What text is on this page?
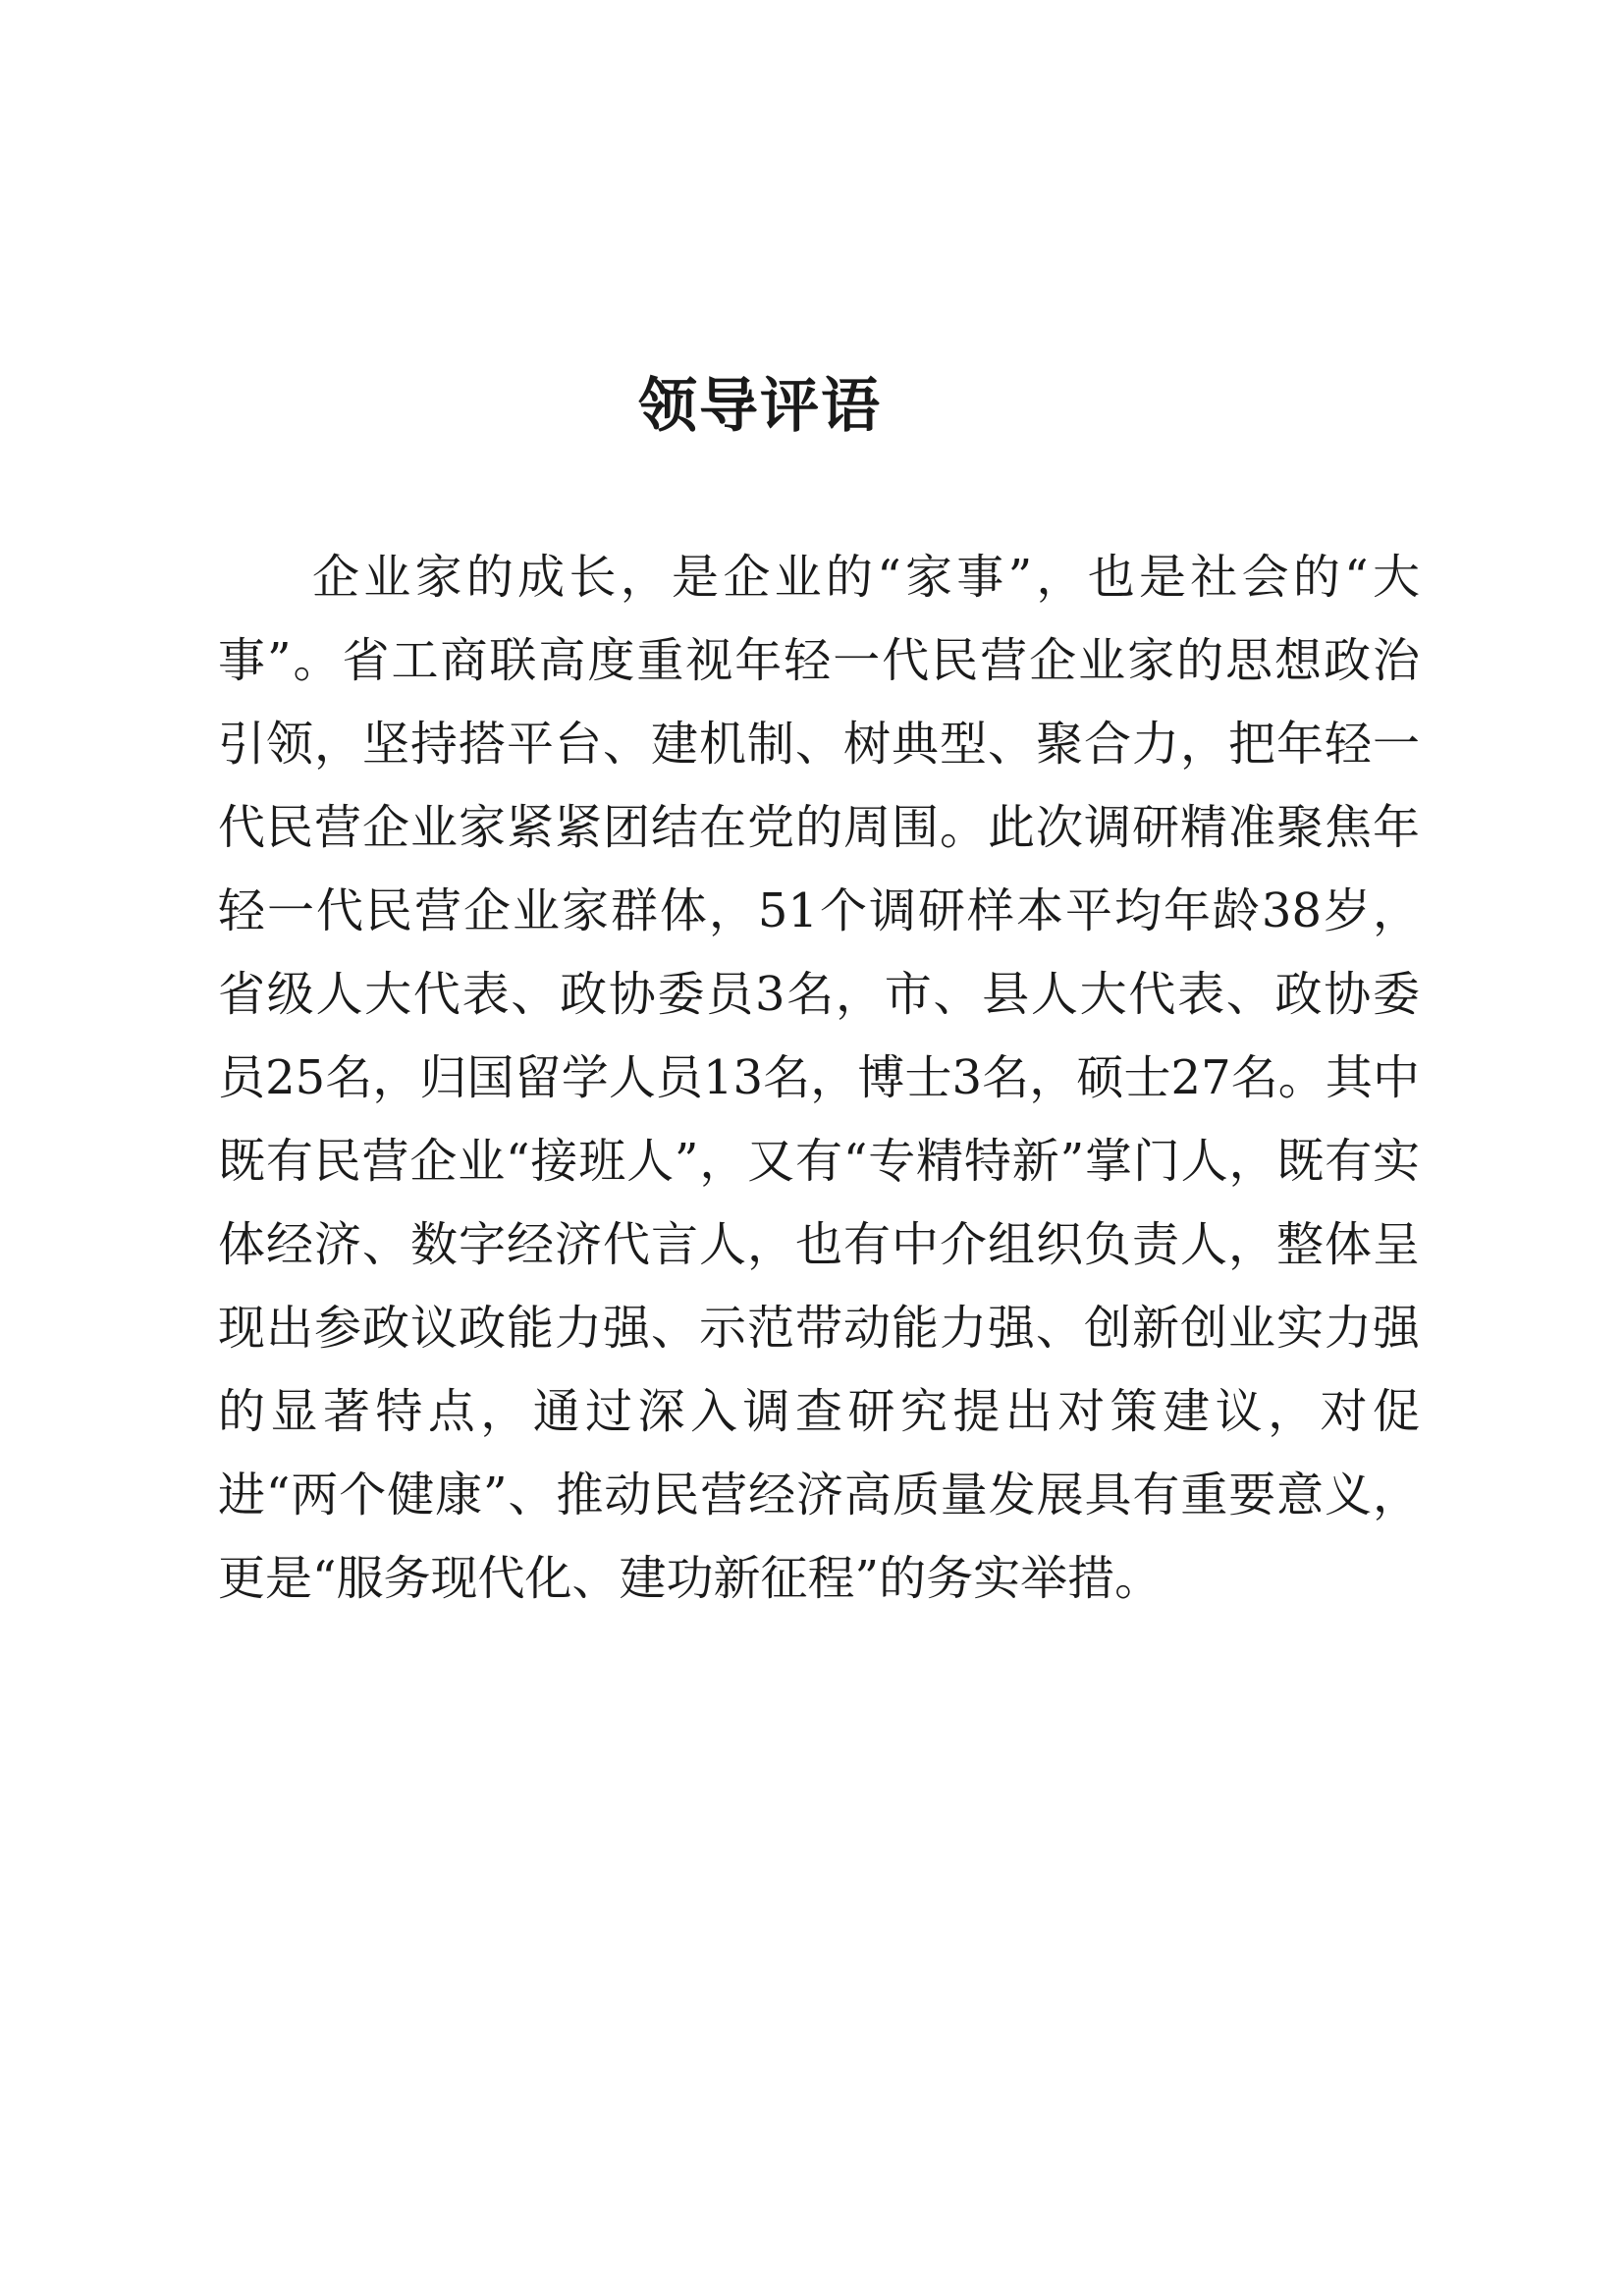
领导评语

企业家的成长，是企业的“家事”，也是社会的“大事”。省工商联高度重视年轻一代民营企业家的思想政治引领，坚持搭平台、建机制、树典型、聚合力，把年轻一代民营企业家紧紧团结在党的周围。此次调研精准聚焦年轻一代民营企业家群体，51个调研样本平均年龄38岁，省级人大代表、政协委员3名，市、县人大代表、政协委员25名，归国留学人员13名，博士3名，硕士27名。其中既有民营企业“接班人”，又有“专精特新”掌门人，既有实体经济、数字经济代言人，也有中介组织负责人，整体呈现出参政议政能力强、示范带动能力强、创新创业实力强的显著特点，通过深入调查研究提出对策建议，对促进“两个健康”、推动民营经济高质量发展具有重要意义，更是“服务现代化、建功新征程”的务实举措。
